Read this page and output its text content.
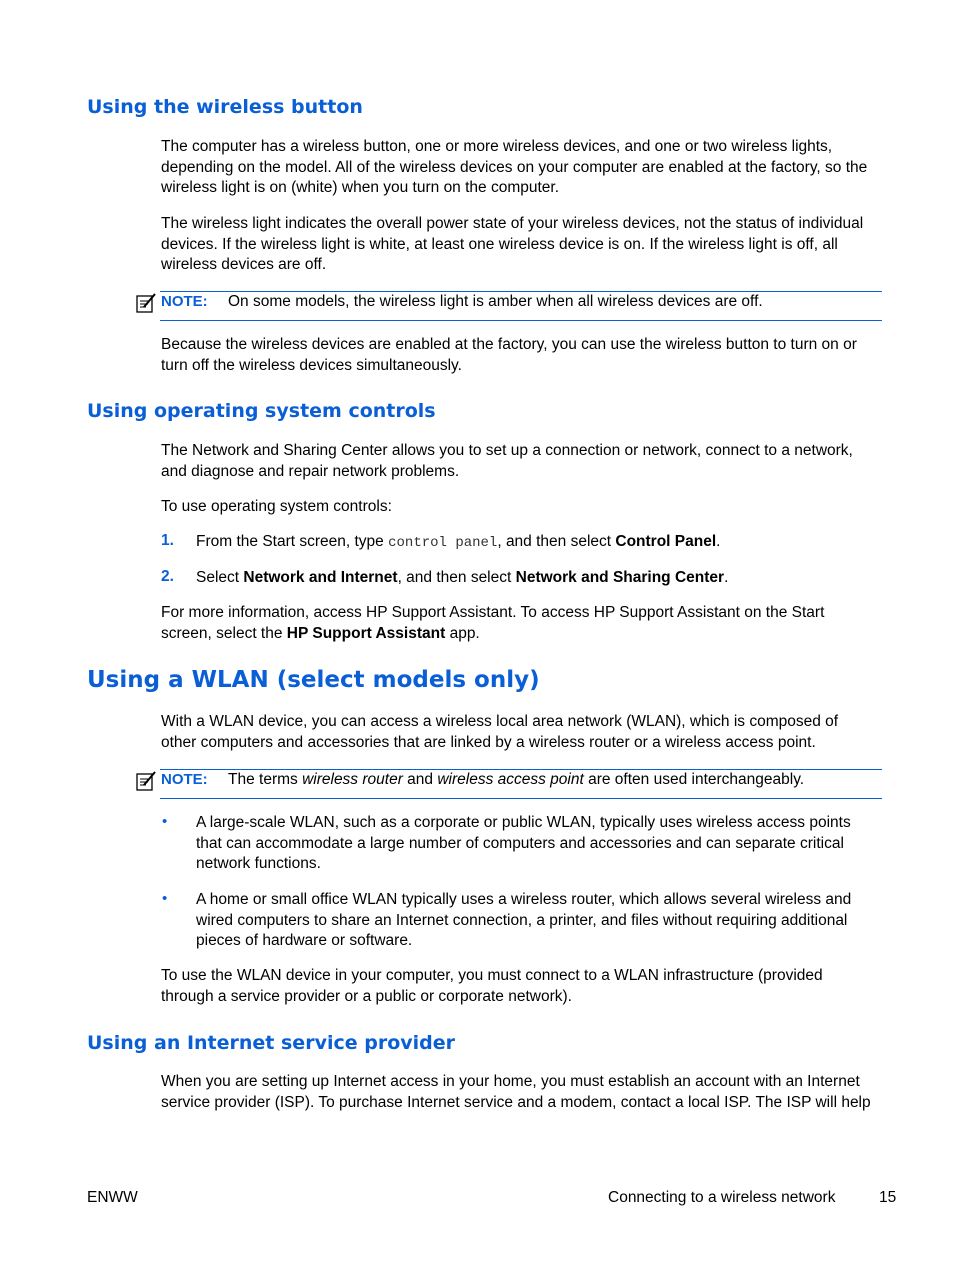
Using the wireless button

The computer has a wireless button, one or more wireless devices, and one or two wireless lights, depending on the model. All of the wireless devices on your computer are enabled at the factory, so the wireless light is on (white) when you turn on the computer.

The wireless light indicates the overall power state of your wireless devices, not the status of individual devices. If the wireless light is white, at least one wireless device is on. If the wireless light is off, all wireless devices are off.

NOTE: On some models, the wireless light is amber when all wireless devices are off.

Because the wireless devices are enabled at the factory, you can use the wireless button to turn on or turn off the wireless devices simultaneously.

Using operating system controls

The Network and Sharing Center allows you to set up a connection or network, connect to a network, and diagnose and repair network problems.

To use operating system controls:

1. From the Start screen, type control panel, and then select Control Panel.

2. Select Network and Internet, and then select Network and Sharing Center.

For more information, access HP Support Assistant. To access HP Support Assistant on the Start screen, select the HP Support Assistant app.

Using a WLAN (select models only)

With a WLAN device, you can access a wireless local area network (WLAN), which is composed of other computers and accessories that are linked by a wireless router or a wireless access point.

NOTE: The terms wireless router and wireless access point are often used interchangeably.
• A large-scale WLAN, such as a corporate or public WLAN, typically uses wireless access points that can accommodate a large number of computers and accessories and can separate critical network functions.

• A home or small office WLAN typically uses a wireless router, which allows several wireless and wired computers to share an Internet connection, a printer, and files without requiring additional pieces of hardware or software.

To use the WLAN device in your computer, you must connect to a WLAN infrastructure (provided through a service provider or a public or corporate network).

Using an Internet service provider

When you are setting up Internet access in your home, you must establish an account with an Internet service provider (ISP). To purchase Internet service and a modem, contact a local ISP. The ISP will help

ENWW	Connecting to a wireless network	15
